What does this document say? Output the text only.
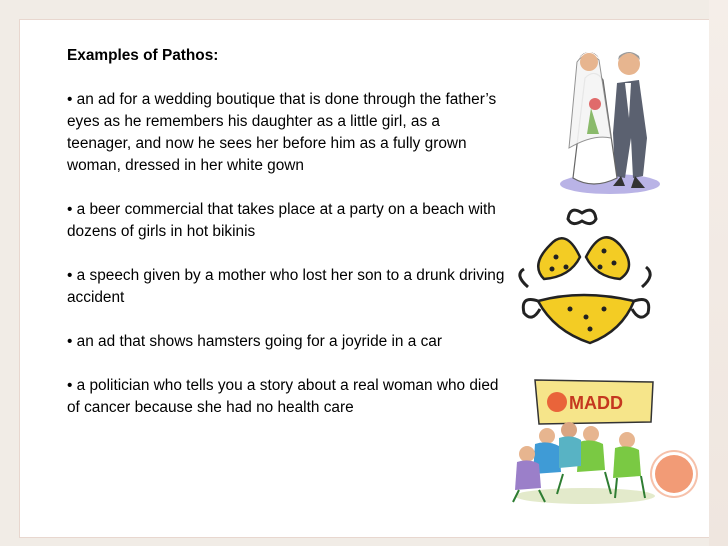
Examples of Pathos:
• an ad for a wedding boutique that is done through the father’s eyes as he remembers his daughter as a little girl, as a teenager, and now he sees her before him as a fully grown woman, dressed in her white gown
• a beer commercial that takes place at a party on a beach with dozens of girls in hot bikinis
• a speech given by a mother who lost her son to a drunk driving accident
• an ad that shows hamsters going for a joyride in a car
• a politician who tells you a story about a real woman who died of cancer because she had no health care	MADD
